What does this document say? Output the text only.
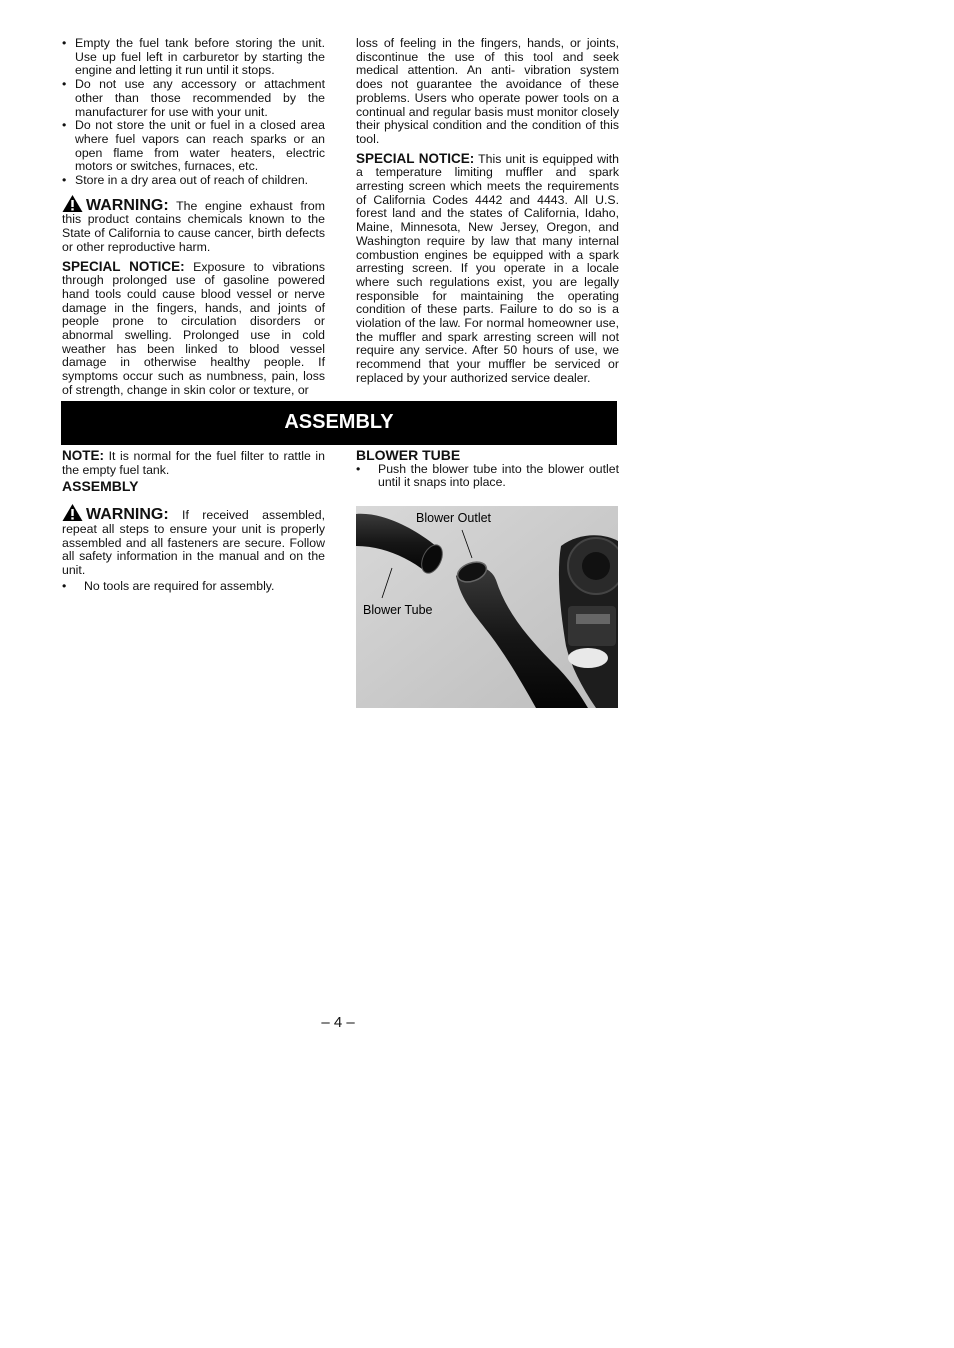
• Empty the fuel tank before storing the unit. Use up fuel left in carburetor by starting the engine and letting it run until it stops.
• Do not use any accessory or attachment other than those recommended by the manufacturer for use with your unit.
• Do not store the unit or fuel in a closed area where fuel vapors can reach sparks or an open flame from water heaters, electric motors or switches, furnaces, etc.
• Store in a dry area out of reach of children.

WARNING: The engine exhaust from this product contains chemicals known to the State of California to cause cancer, birth defects or other reproductive harm.

SPECIAL NOTICE: Exposure to vibrations through prolonged use of gasoline powered hand tools could cause blood vessel or nerve damage in the fingers, hands, and joints of people prone to circulation disorders or abnormal swelling. Prolonged use in cold weather has been linked to blood vessel damage in otherwise healthy people. If symptoms occur such as numbness, pain, loss of strength, change in skin color or texture, or

loss of feeling in the fingers, hands, or joints, discontinue the use of this tool and seek medical attention. An anti- vibration system does not guarantee the avoidance of these problems. Users who operate power tools on a continual and regular basis must monitor closely their physical condition and the condition of this tool.

SPECIAL NOTICE: This unit is equipped with a temperature limiting muffler and spark arresting screen which meets the requirements of California Codes 4442 and 4443. All U.S. forest land and the states of California, Idaho, Maine, Minnesota, New Jersey, Oregon, and Washington require by law that many internal combustion engines be equipped with a spark arresting screen. If you operate in a locale where such regulations exist, you are legally responsible for maintaining the operating condition of these parts. Failure to do so is a violation of the law. For normal homeowner use, the muffler and spark arresting screen will not require any service. After 50 hours of use, we recommend that your muffler be serviced or replaced by your authorized service dealer.

ASSEMBLY

NOTE: It is normal for the fuel filter to rattle in the empty fuel tank.

ASSEMBLY

WARNING: If received assembled, repeat all steps to ensure your unit is properly assembled and all fasteners are secure. Follow all safety information in the manual and on the unit.

• No tools are required for assembly.
BLOWER TUBE
• Push the blower tube into the blower outlet until it snaps into place.
Blower Outlet
Blower Tube
– 4 –
